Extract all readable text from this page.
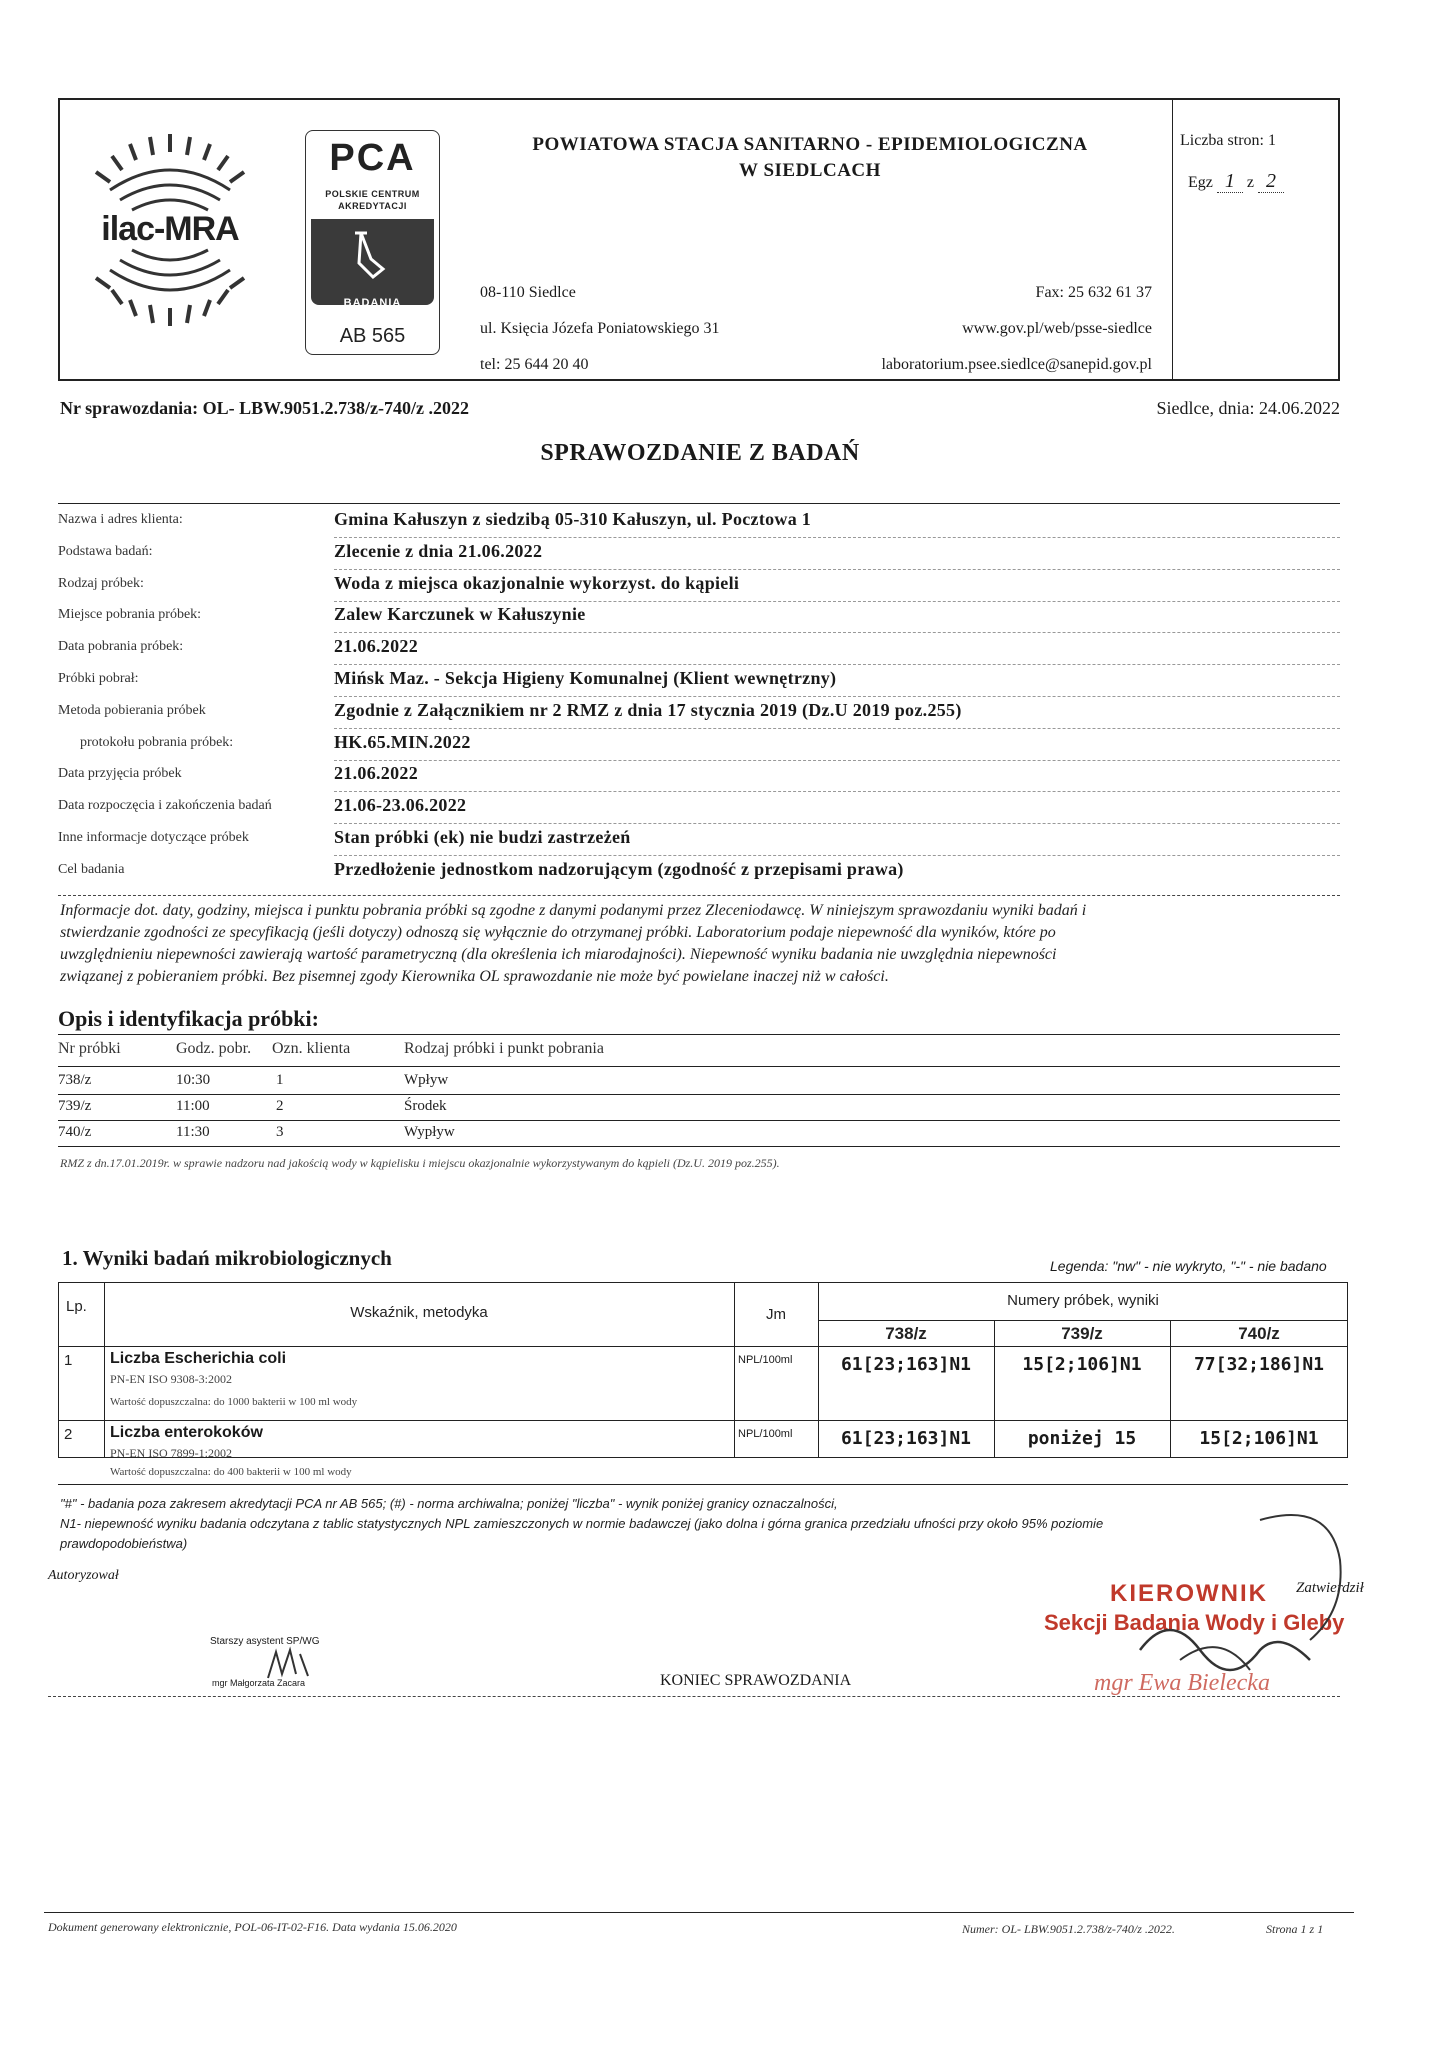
ilac-MRA
PCA
POLSKIE CENTRUM
AKREDYTACJI
BADANIA
AB 565
POWIATOWA STACJA SANITARNO - EPIDEMIOLOGICZNA
W SIEDLCACH
08-110 Siedlce
ul. Księcia Józefa Poniatowskiego 31
tel: 25 644 20 40
Fax: 25 632 61 37
www.gov.pl/web/psse-siedlce
laboratorium.psee.siedlce@sanepid.gov.pl
Liczba stron: 1
Egz 1 z 2
Nr sprawozdania: OL- LBW.9051.2.738/z-740/z .2022	Siedlce, dnia: 24.06.2022
SPRAWOZDANIE Z BADAŃ
Nazwa i adres klienta:	Gmina Kałuszyn z siedzibą 05-310 Kałuszyn, ul. Pocztowa 1
Podstawa badań:	Zlecenie z dnia 21.06.2022
Rodzaj próbek:	Woda z miejsca okazjonalnie wykorzyst. do kąpieli
Miejsce pobrania próbek:	Zalew Karczunek w Kałuszynie
Data pobrania próbek:	21.06.2022
Próbki pobrał:	Mińsk Maz. - Sekcja Higieny Komunalnej (Klient wewnętrzny)
Metoda pobierania próbek	Zgodnie z Załącznikiem nr 2 RMZ z dnia 17 stycznia 2019 (Dz.U 2019 poz.255)
protokołu pobrania próbek:	HK.65.MIN.2022
Data przyjęcia próbek	21.06.2022
Data rozpoczęcia i zakończenia badań	21.06-23.06.2022
Inne informacje dotyczące próbek	Stan próbki (ek) nie budzi zastrzeżeń
Cel badania	Przedłożenie jednostkom nadzorującym (zgodność z przepisami prawa)
Informacje dot. daty, godziny, miejsca i punktu pobrania próbki są zgodne z danymi podanymi przez Zleceniodawcę. W niniejszym sprawozdaniu wyniki badań i
stwierdzanie zgodności ze specyfikacją (jeśli dotyczy) odnoszą się wyłącznie do otrzymanej próbki. Laboratorium podaje niepewność dla wyników, które po
uwzględnieniu niepewności zawierają wartość parametryczną (dla określenia ich miarodajności). Niepewność wyniku badania nie uwzględnia niepewności
związanej z pobieraniem próbki. Bez pisemnej zgody Kierownika OL sprawozdanie nie może być powielane inaczej niż w całości.
Opis i identyfikacja próbki:
Nr próbki	Godz. pobr. Ozn. klienta	Rodzaj próbki i punkt pobrania
738/z	10:30	1	Wpływ
739/z	11:00	2	Środek
740/z	11:30	3	Wypływ
RMZ z dn.17.01.2019r. w sprawie nadzoru nad jakością wody w kąpielisku i miejscu okazjonalnie wykorzystywanym do kąpieli (Dz.U. 2019 poz.255).
1. Wyniki badań mikrobiologicznych	Legenda: "nw" - nie wykryto, "-" - nie badano
Lp.	Wskaźnik, metodyka	Jm
Numery próbek, wyniki
738/z	739/z	740/z
1 Liczba Escherichia coli
PN-EN ISO 9308-3:2002
Wartość dopuszczalna: do 1000 bakterii w 100 ml wody
NPL/100ml	61[23;163]N1	15[2;106]N1	77[32;186]N1
2 Liczba enterokoków
PN-EN ISO 7899-1:2002
Wartość dopuszczalna: do 400 bakterii w 100 ml wody
NPL/100ml	61[23;163]N1	poniżej 15	15[2;106]N1
"#" - badania poza zakresem akredytacji PCA nr AB 565; (#) - norma archiwalna; poniżej "liczba" - wynik poniżej granicy oznaczalności,
N1- niepewność wyniku badania odczytana z tablic statystycznych NPL zamieszczonych w normie badawczej (jako dolna i górna granica przedziału ufności przy około 95% poziomie
prawdopodobieństwa)
Autoryzował
Zatwierdził
KIEROWNIK
Sekcji Badania Wody i Gleby
mgr Ewa Bielecka
Starszy asystent SP/WG
mgr Małgorzata Zacara	KONIEC SPRAWOZDANIA
Dokument generowany elektronicznie, POL-06-IT-02-F16. Data wydania 15.06.2020	Numer: OL- LBW.9051.2.738/z-740/z .2022.	Strona 1 z 1
